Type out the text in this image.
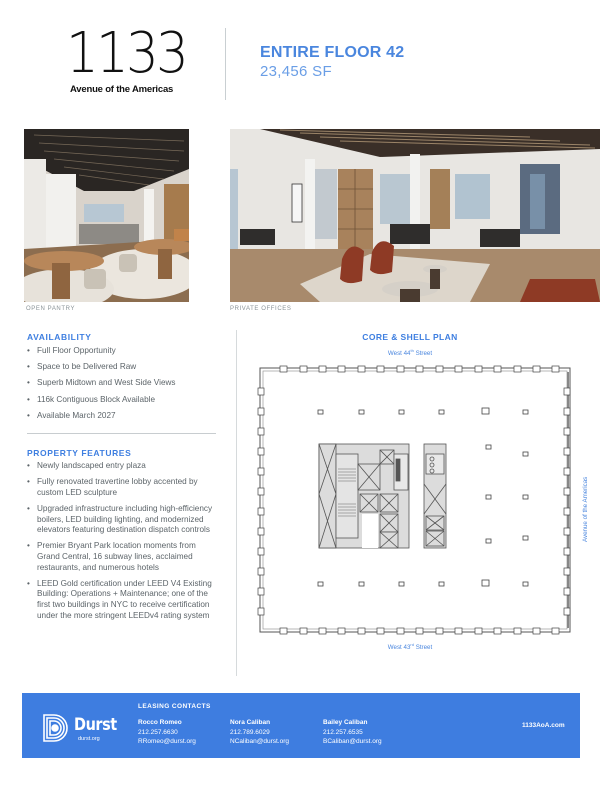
1133
Avenue of the Americas
ENTIRE FLOOR 42
23,456 SF
OPEN PANTRY	PRIVATE OFFICES
AVAILABILITY
• Full Floor Opportunity
• Space to be Delivered Raw
• Superb Midtown and West Side Views
• 116k Contiguous Block Available
• Available March 2027
PROPERTY FEATURES
• Newly landscaped entry plaza
• Fully renovated travertine lobby accented by custom LED sculpture
• Upgraded infrastructure including high-efficiency boilers, LED building lighting, and modernized elevators featuring destination dispatch controls
• Premier Bryant Park location moments from Grand Central, 16 subway lines, acclaimed restaurants, and numerous hotels
• LEED Gold certification under LEED V4 Existing Building: Operations + Maintenance; one of the first two buildings in NYC to receive certification under the more stringent LEEDv4 rating system
CORE & SHELL PLAN
West 44th Street
West 43rd Street
Avenue of the Americas
Durst
durst.org
LEASING CONTACTS
Rocco Romeo
212.257.6630
RRomeo@durst.org
Nora Caliban
212.789.6029
NCaliban@durst.org
Bailey Caliban
212.257.6535
BCaliban@durst.org
1133AoA.com
